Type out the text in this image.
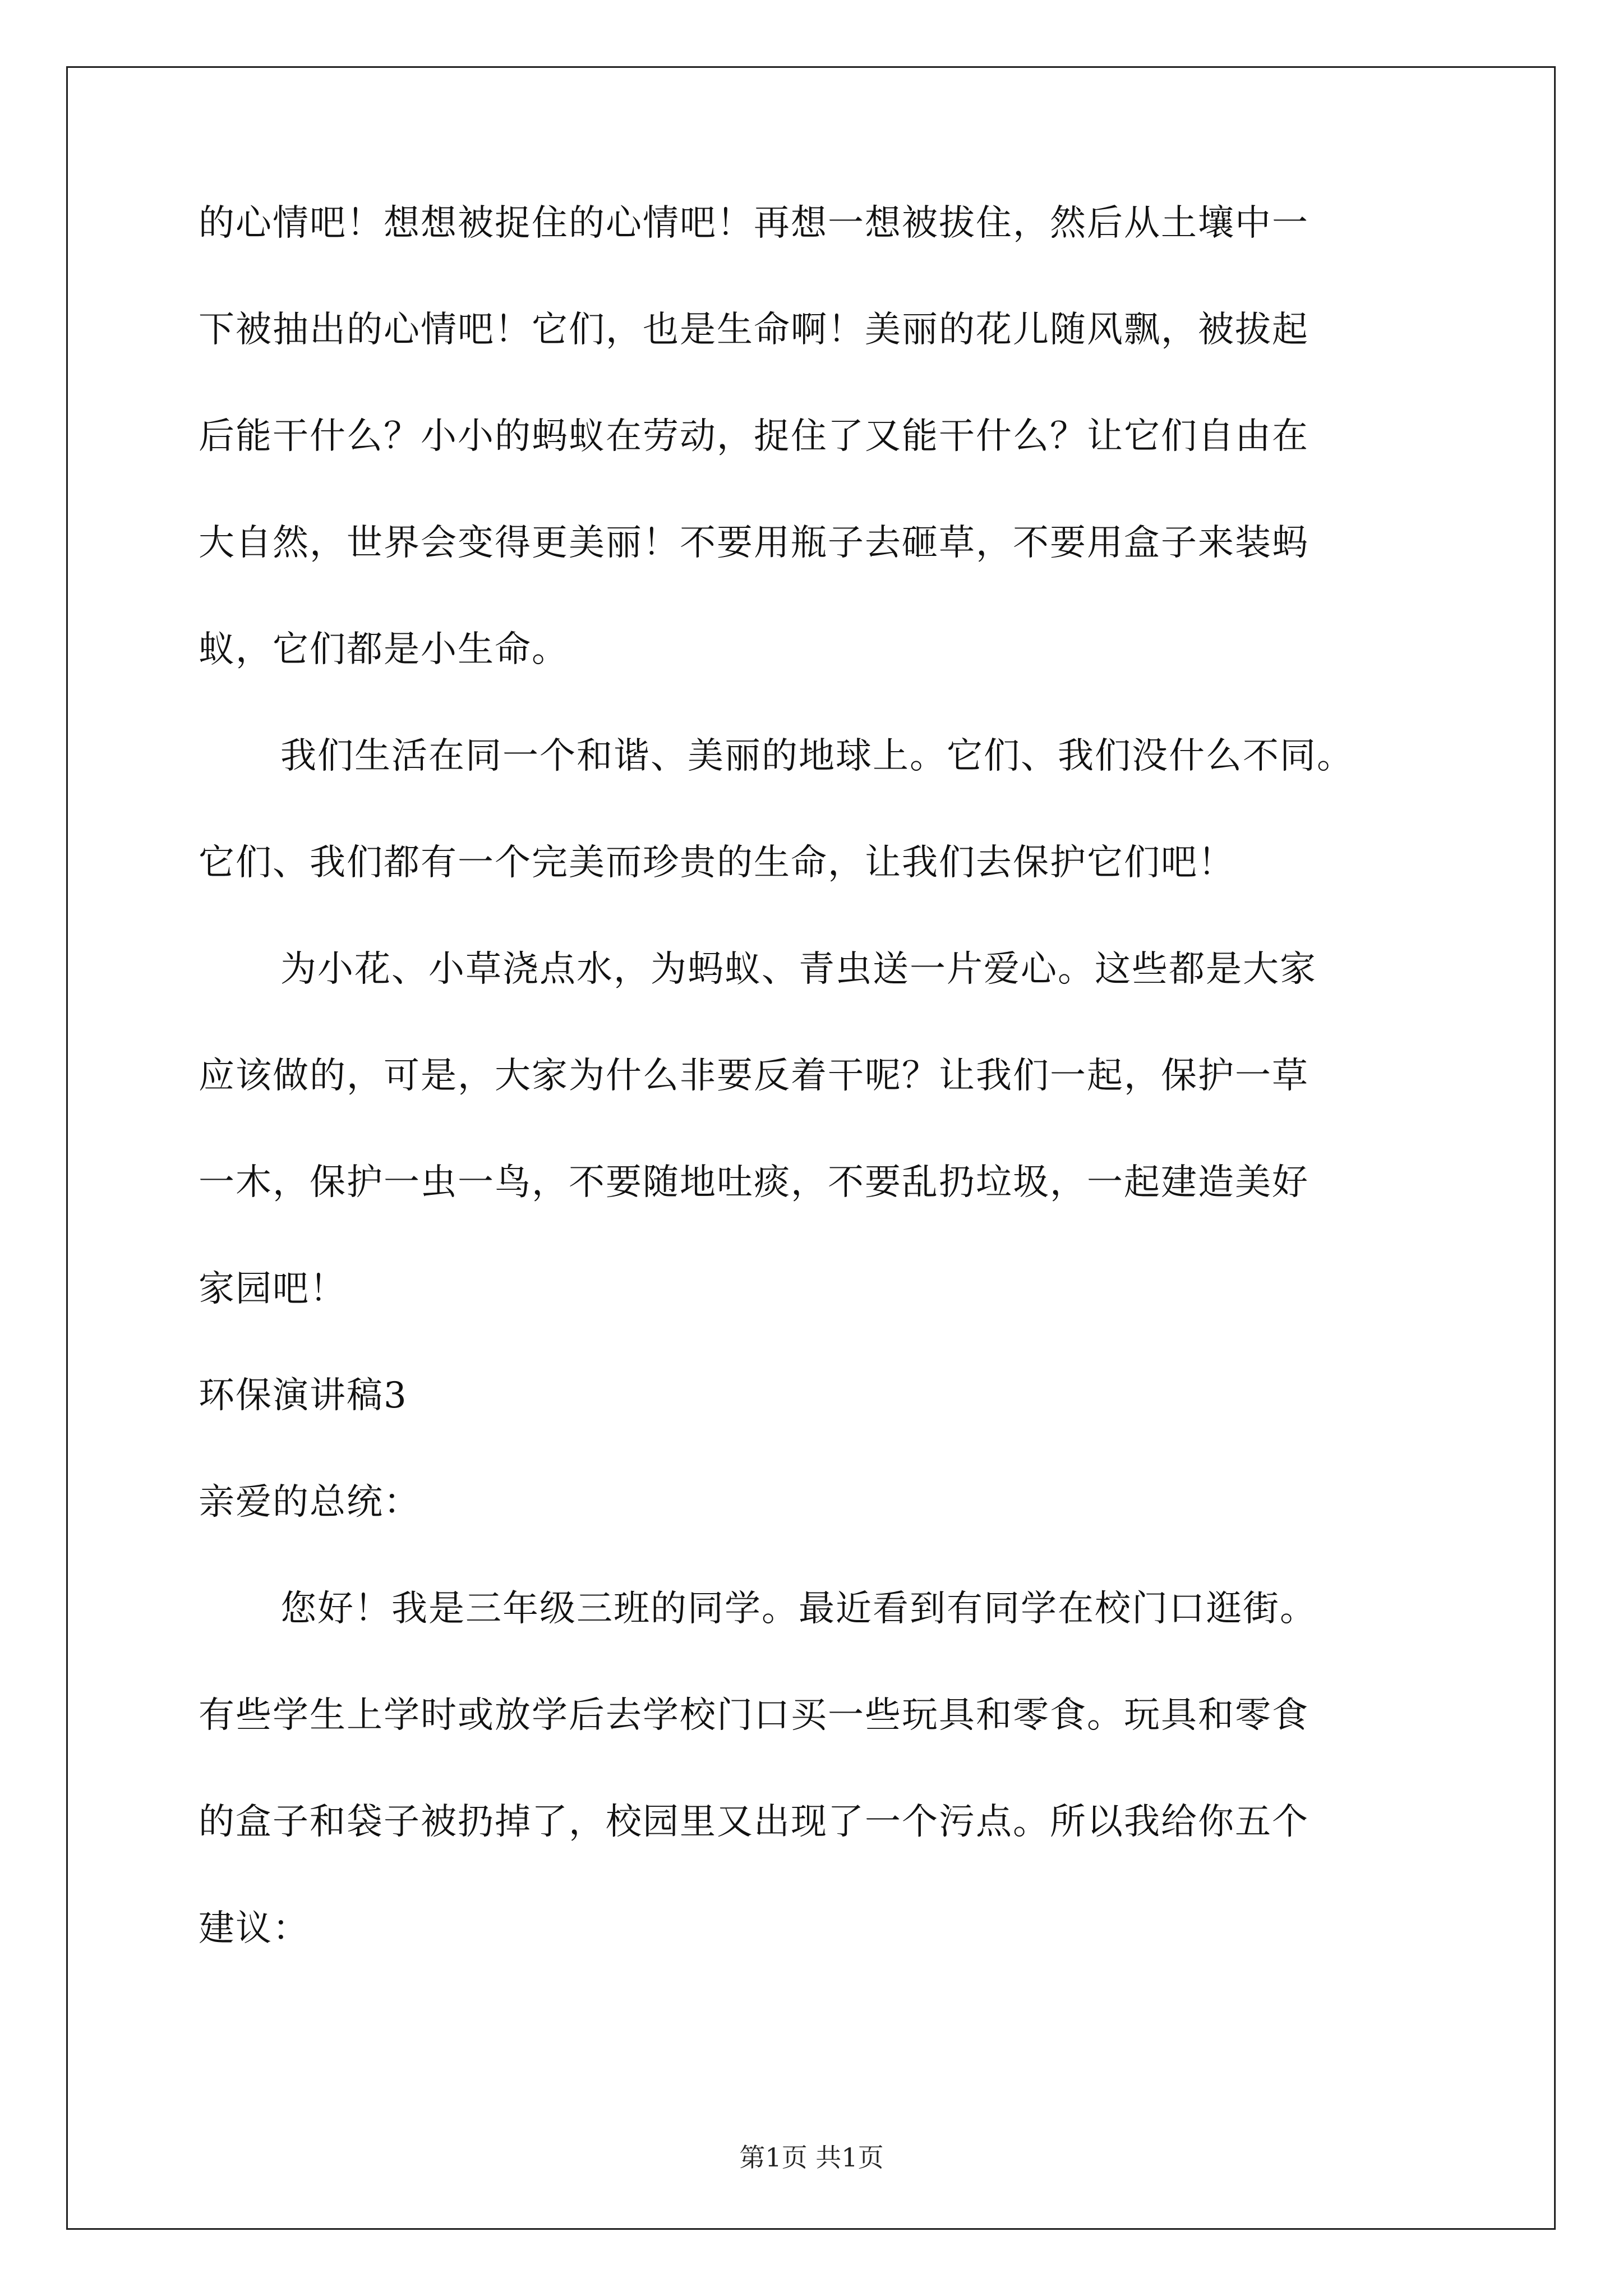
的心情吧！想想被捉住的心情吧！再想一想被拔住，然后从土壤中一
下被抽出的心情吧！它们，也是生命啊！美丽的花儿随风飘，被拔起
后能干什么？小小的蚂蚁在劳动，捉住了又能干什么？让它们自由在
大自然，世界会变得更美丽！不要用瓶子去砸草，不要用盒子来装蚂
蚁，它们都是小生命。
我们生活在同一个和谐、美丽的地球上。它们、我们没什么不同。
它们、我们都有一个完美而珍贵的生命，让我们去保护它们吧！
为小花、小草浇点水，为蚂蚁、青虫送一片爱心。这些都是大家
应该做的，可是，大家为什么非要反着干呢？让我们一起，保护一草
一木，保护一虫一鸟，不要随地吐痰，不要乱扔垃圾，一起建造美好
家园吧！
环保演讲稿3
亲爱的总统：
您好！我是三年级三班的同学。最近看到有同学在校门口逛街。
有些学生上学时或放学后去学校门口买一些玩具和零食。玩具和零食
的盒子和袋子被扔掉了，校园里又出现了一个污点。所以我给你五个
建议：
第1页 共1页
